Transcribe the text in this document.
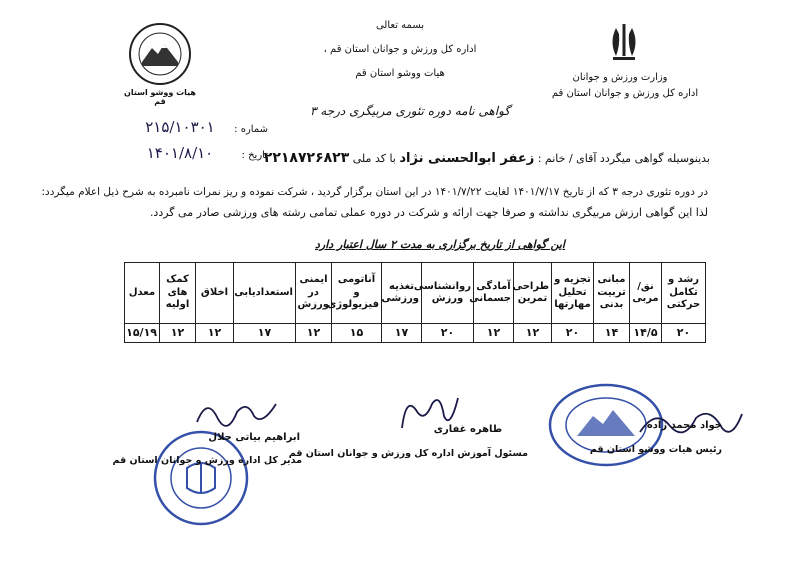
هیات ووشو استان قم
بسمه تعالی
اداره کل ورزش و جوانان استان قم ،
هیات ووشو استان قم
گواهی نامه دوره تئوری مربیگری درجه ۳
وزارت ورزش و جوانان
اداره کل ورزش و جوانان استان قم
شماره :
۲۱۵/۱۰۳۰۱
تاریخ :
۱۴۰۱/۸/۱۰	بدینوسیله گواهی میگردد آقای / خانم : زعفر ابوالحسنی نژاد با کد ملی ۲۲۱۸۷۲۶۸۲۳
در دوره تئوری درجه ۳ که از تاریخ ۱۴۰۱/۷/۱۷ لغایت ۱۴۰۱/۷/۲۲ در این استان برگزار گردید ، شرکت نموده و ریز نمرات نامبرده به شرح ذیل اعلام میگردد:
لذا این گواهی ارزش مربیگری نداشته و صرفا جهت ارائه و شرکت در دوره عملی تمامی رشته های ورزشی صادر می گردد.
این گواهی از تاریخ برگزاری به مدت ۲ سال اعتبار دارد
رشد و تکامل حرکتی	نق/ مربی	مبانی تربیت بدنی	تجزیه و تحلیل مهارتها	طراحی تمرین	آمادگی جسمانی	روانشناسی ورزش	تغذیه ورزشی	آناتومی و فیزیولوژی	ایمنی در ورزش	استعدادیابی	اخلاق	کمک های اولیه	معدل
۲۰	۱۴/۵	۱۴	۲۰	۱۲	۱۲	۲۰	۱۷	۱۵	۱۲	۱۷	۱۲	۱۲	۱۵/۱۹
ابراهیم بیاتی جلال
مدیر کل اداره ورزش و جوانان استان قم
طاهره غفاری
مسئول آموزش اداره کل ورزش و جوانان استان قم
جواد محمد زاده
رئیس هیات ووشو استان قم
